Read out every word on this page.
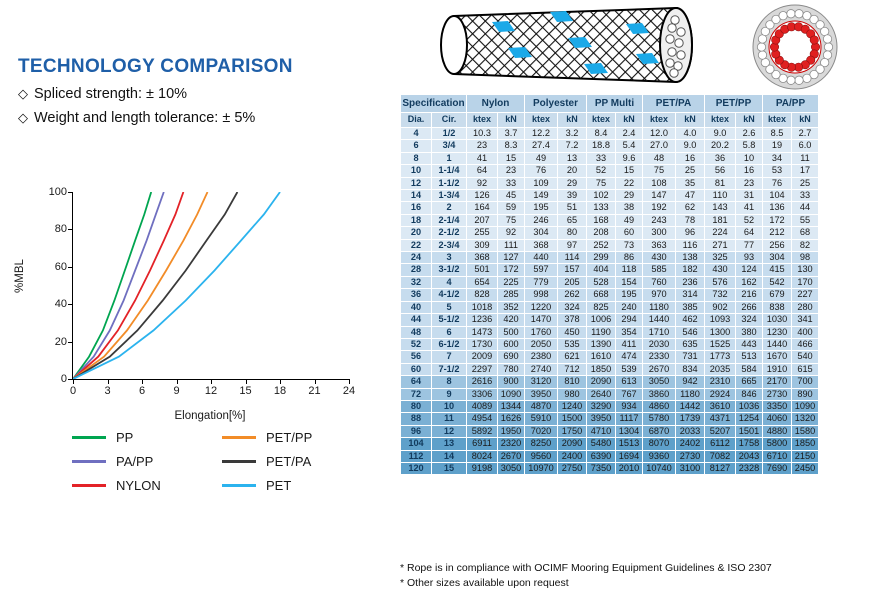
TECHNOLOGY COMPARISON
◇ Spliced strength: ± 10%
◇ Weight and length tolerance: ± 5%
%MBL
0
20
40
60
80
100
0	3	6	9 12 15 18 21 24
Elongation[%]
PP	PET/PP
PA/PP	PET/PA
NYLON	PET
Specification		Nylon		Polyester		PP Multi		PET/PA		PET/PP		PA/PP	
Dia.	Cir.	ktex	kN	ktex	kN	ktex	kN	ktex	kN	ktex	kN	ktex	kN
4	1/2	10.3	3.7	12.2	3.2	8.4	2.4	12.0	4.0	9.0	2.6	8.5	2.7
6	3/4	23	8.3	27.4	7.2	18.8	5.4	27.0	9.0	20.2	5.8	19	6.0
8	1	41	15	49	13	33	9.6	48	16	36	10	34	11
10	1-1/4	64	23	76	20	52	15	75	25	56	16	53	17
12	1-1/2	92	33	109	29	75	22	108	35	81	23	76	25
14	1-3/4	126	45	149	39	102	29	147	47	110	31	104	33
16	2	164	59	195	51	133	38	192	62	143	41	136	44
18	2-1/4	207	75	246	65	168	49	243	78	181	52	172	55
20	2-1/2	255	92	304	80	208	60	300	96	224	64	212	68
22	2-3/4	309	111	368	97	252	73	363	116	271	77	256	82
24	3	368	127	440	114	299	86	430	138	325	93	304	98
28	3-1/2	501	172	597	157	404	118	585	182	430	124	415	130
32	4	654	225	779	205	528	154	760	236	576	162	542	170
36	4-1/2	828	285	998	262	668	195	970	314	732	216	679	227
40	5	1018	352	1220	324	825	240	1180	385	902	266	838	280
44	5-1/2	1236	420	1470	378	1006	294	1440	462	1093	324	1030	341
48	6	1473	500	1760	450	1190	354	1710	546	1300	380	1230	400
52	6-1/2	1730	600	2050	535	1390	411	2030	635	1525	443	1440	466
56	7	2009	690	2380	621	1610	474	2330	731	1773	513	1670	540
60	7-1/2	2297	780	2740	712	1850	539	2670	834	2035	584	1910	615
64	8	2616	900	3120	810	2090	613	3050	942	2310	665	2170	700
72	9	3306	1090	3950	980	2640	767	3860	1180	2924	846	2730	890
80	10	4089	1344	4870	1240	3290	934	4860	1442	3610	1036	3350	1090
88	11	4954	1626	5910	1500	3950	1117	5780	1739	4371	1254	4060	1320
96	12	5892	1950	7020	1750	4710	1304	6870	2033	5207	1501	4880	1580
104	13	6911	2320	8250	2090	5480	1513	8070	2402	6112	1758	5800	1850
112	14	8024	2670	9560	2400	6390	1694	9360	2730	7082	2043	6710	2150
120	15	9198	3050	10970	2750	7350	2010	10740	3100	8127	2328	7690	2450
* Rope is in compliance with OCIMF Mooring Equipment Guidelines & ISO 2307
* Other sizes available upon request
